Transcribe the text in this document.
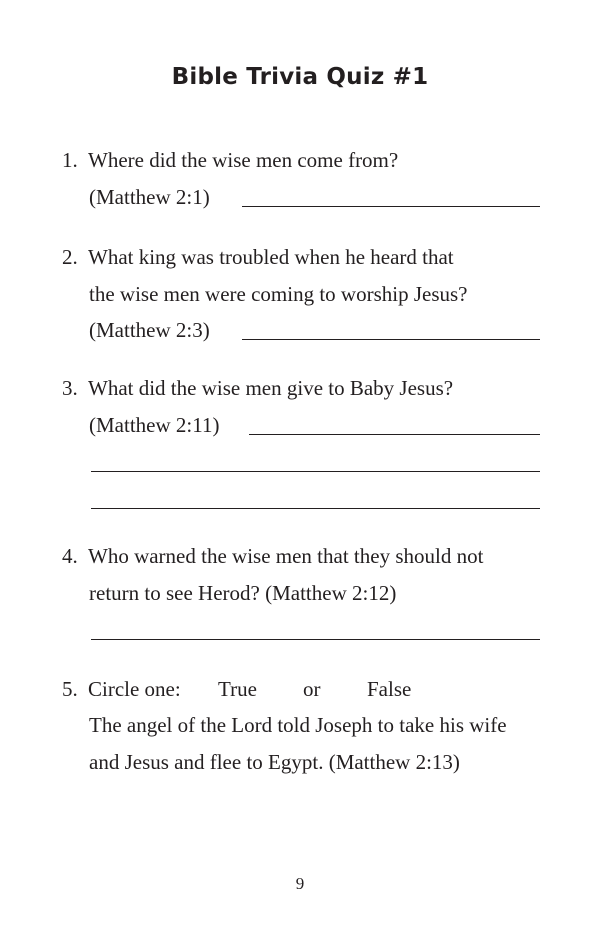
Bible Trivia Quiz #1
1. Where did the wise men come from?
(Matthew 2:1)
2. What king was troubled when he heard that
the wise men were coming to worship Jesus?
(Matthew 2:3)
3. What did the wise men give to Baby Jesus?
(Matthew 2:11)
4. Who warned the wise men that they should not
return to see Herod? (Matthew 2:12)
5. Circle one: True or False
The angel of the Lord told Joseph to take his wife
and Jesus and flee to Egypt. (Matthew 2:13)
9
